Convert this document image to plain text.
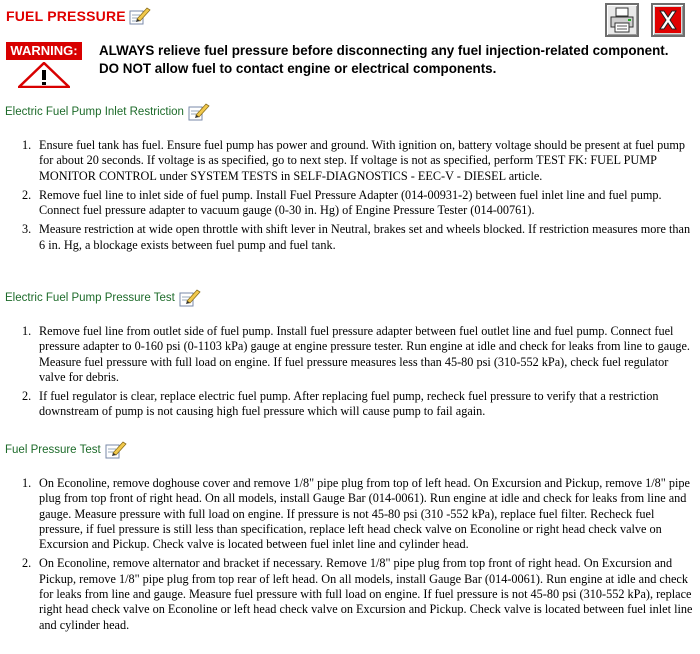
FUEL PRESSURE
WARNING:	ALWAYS relieve fuel pressure before disconnecting any fuel injection-related component. DO NOT allow fuel to contact engine or electrical components.
Electric Fuel Pump Inlet Restriction
1. Ensure fuel tank has fuel. Ensure fuel pump has power and ground. With ignition on, battery voltage should be present at fuel pump for about 20 seconds. If voltage is as specified, go to next step. If voltage is not as specified, perform TEST FK: FUEL PUMP MONITOR CONTROL under SYSTEM TESTS in SELF-DIAGNOSTICS - EEC-V - DIESEL article.
2. Remove fuel line to inlet side of fuel pump. Install Fuel Pressure Adapter (014-00931-2) between fuel inlet line and fuel pump. Connect fuel pressure adapter to vacuum gauge (0-30 in. Hg) of Engine Pressure Tester (014-00761).
3. Measure restriction at wide open throttle with shift lever in Neutral, brakes set and wheels blocked. If restriction measures more than 6 in. Hg, a blockage exists between fuel pump and fuel tank.
Electric Fuel Pump Pressure Test
1. Remove fuel line from outlet side of fuel pump. Install fuel pressure adapter between fuel outlet line and fuel pump. Connect fuel pressure adapter to 0-160 psi (0-1103 kPa) gauge at engine pressure tester. Run engine at idle and check for leaks from line to gauge. Measure fuel pressure with full load on engine. If fuel pressure measures less than 45-80 psi (310-552 kPa), check fuel regulator valve for debris.
2. If fuel regulator is clear, replace electric fuel pump. After replacing fuel pump, recheck fuel pressure to verify that a restriction downstream of pump is not causing high fuel pressure which will cause pump to fail again.
Fuel Pressure Test
1. On Econoline, remove doghouse cover and remove 1/8" pipe plug from top of left head. On Excursion and Pickup, remove 1/8" pipe plug from top front of right head. On all models, install Gauge Bar (014-0061). Run engine at idle and check for leaks from line and gauge. Measure pressure with full load on engine. If pressure is not 45-80 psi (310 -552 kPa), replace fuel filter. Recheck fuel pressure, if fuel pressure is still less than specification, replace left head check valve on Econoline or right head check valve on Excursion and Pickup. Check valve is located between fuel inlet line and cylinder head.
2. On Econoline, remove alternator and bracket if necessary. Remove 1/8" pipe plug from top front of right head. On Excursion and Pickup, remove 1/8" pipe plug from top rear of left head. On all models, install Gauge Bar (014-0061). Run engine at idle and check for leaks from line and gauge. Measure fuel pressure with full load on engine. If fuel pressure is not 45-80 psi (310-552 kPa), replace right head check valve on Econoline or left head check valve on Excursion and Pickup. Check valve is located between fuel inlet line and cylinder head.
